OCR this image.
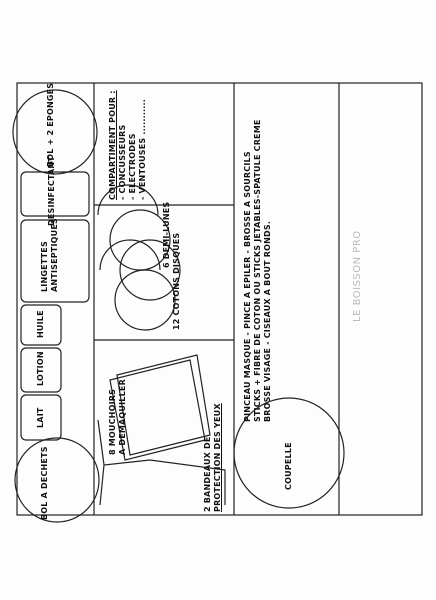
BOL A DECHETS
LAIT
LOTION
HUILE
LINGETTES ANTISEPTIQUES
DESINFECTANT
BOL + 2 EPONGES
2 BANDEAUX DE PROTECTION DES YEUX
8 MOUCHOIRS A DEMAQUILLER
12 COTONS DISQUES
6 DEMI-LUNES
COMPARTIMENT POUR : - CONCUSSEURS - ELECTRODES - VENTOUSES ...........
COUPELLE
PINCEAU MASQUE - PINCE A EPILER - BROSSE A SOURCILS STICKS + FIBRE DE COTON OU STICKS JETABLES-SPATULE CREME BROSSE VISAGE - CISEAUX A BOUT RONDS.	LE BOISSON PRO
